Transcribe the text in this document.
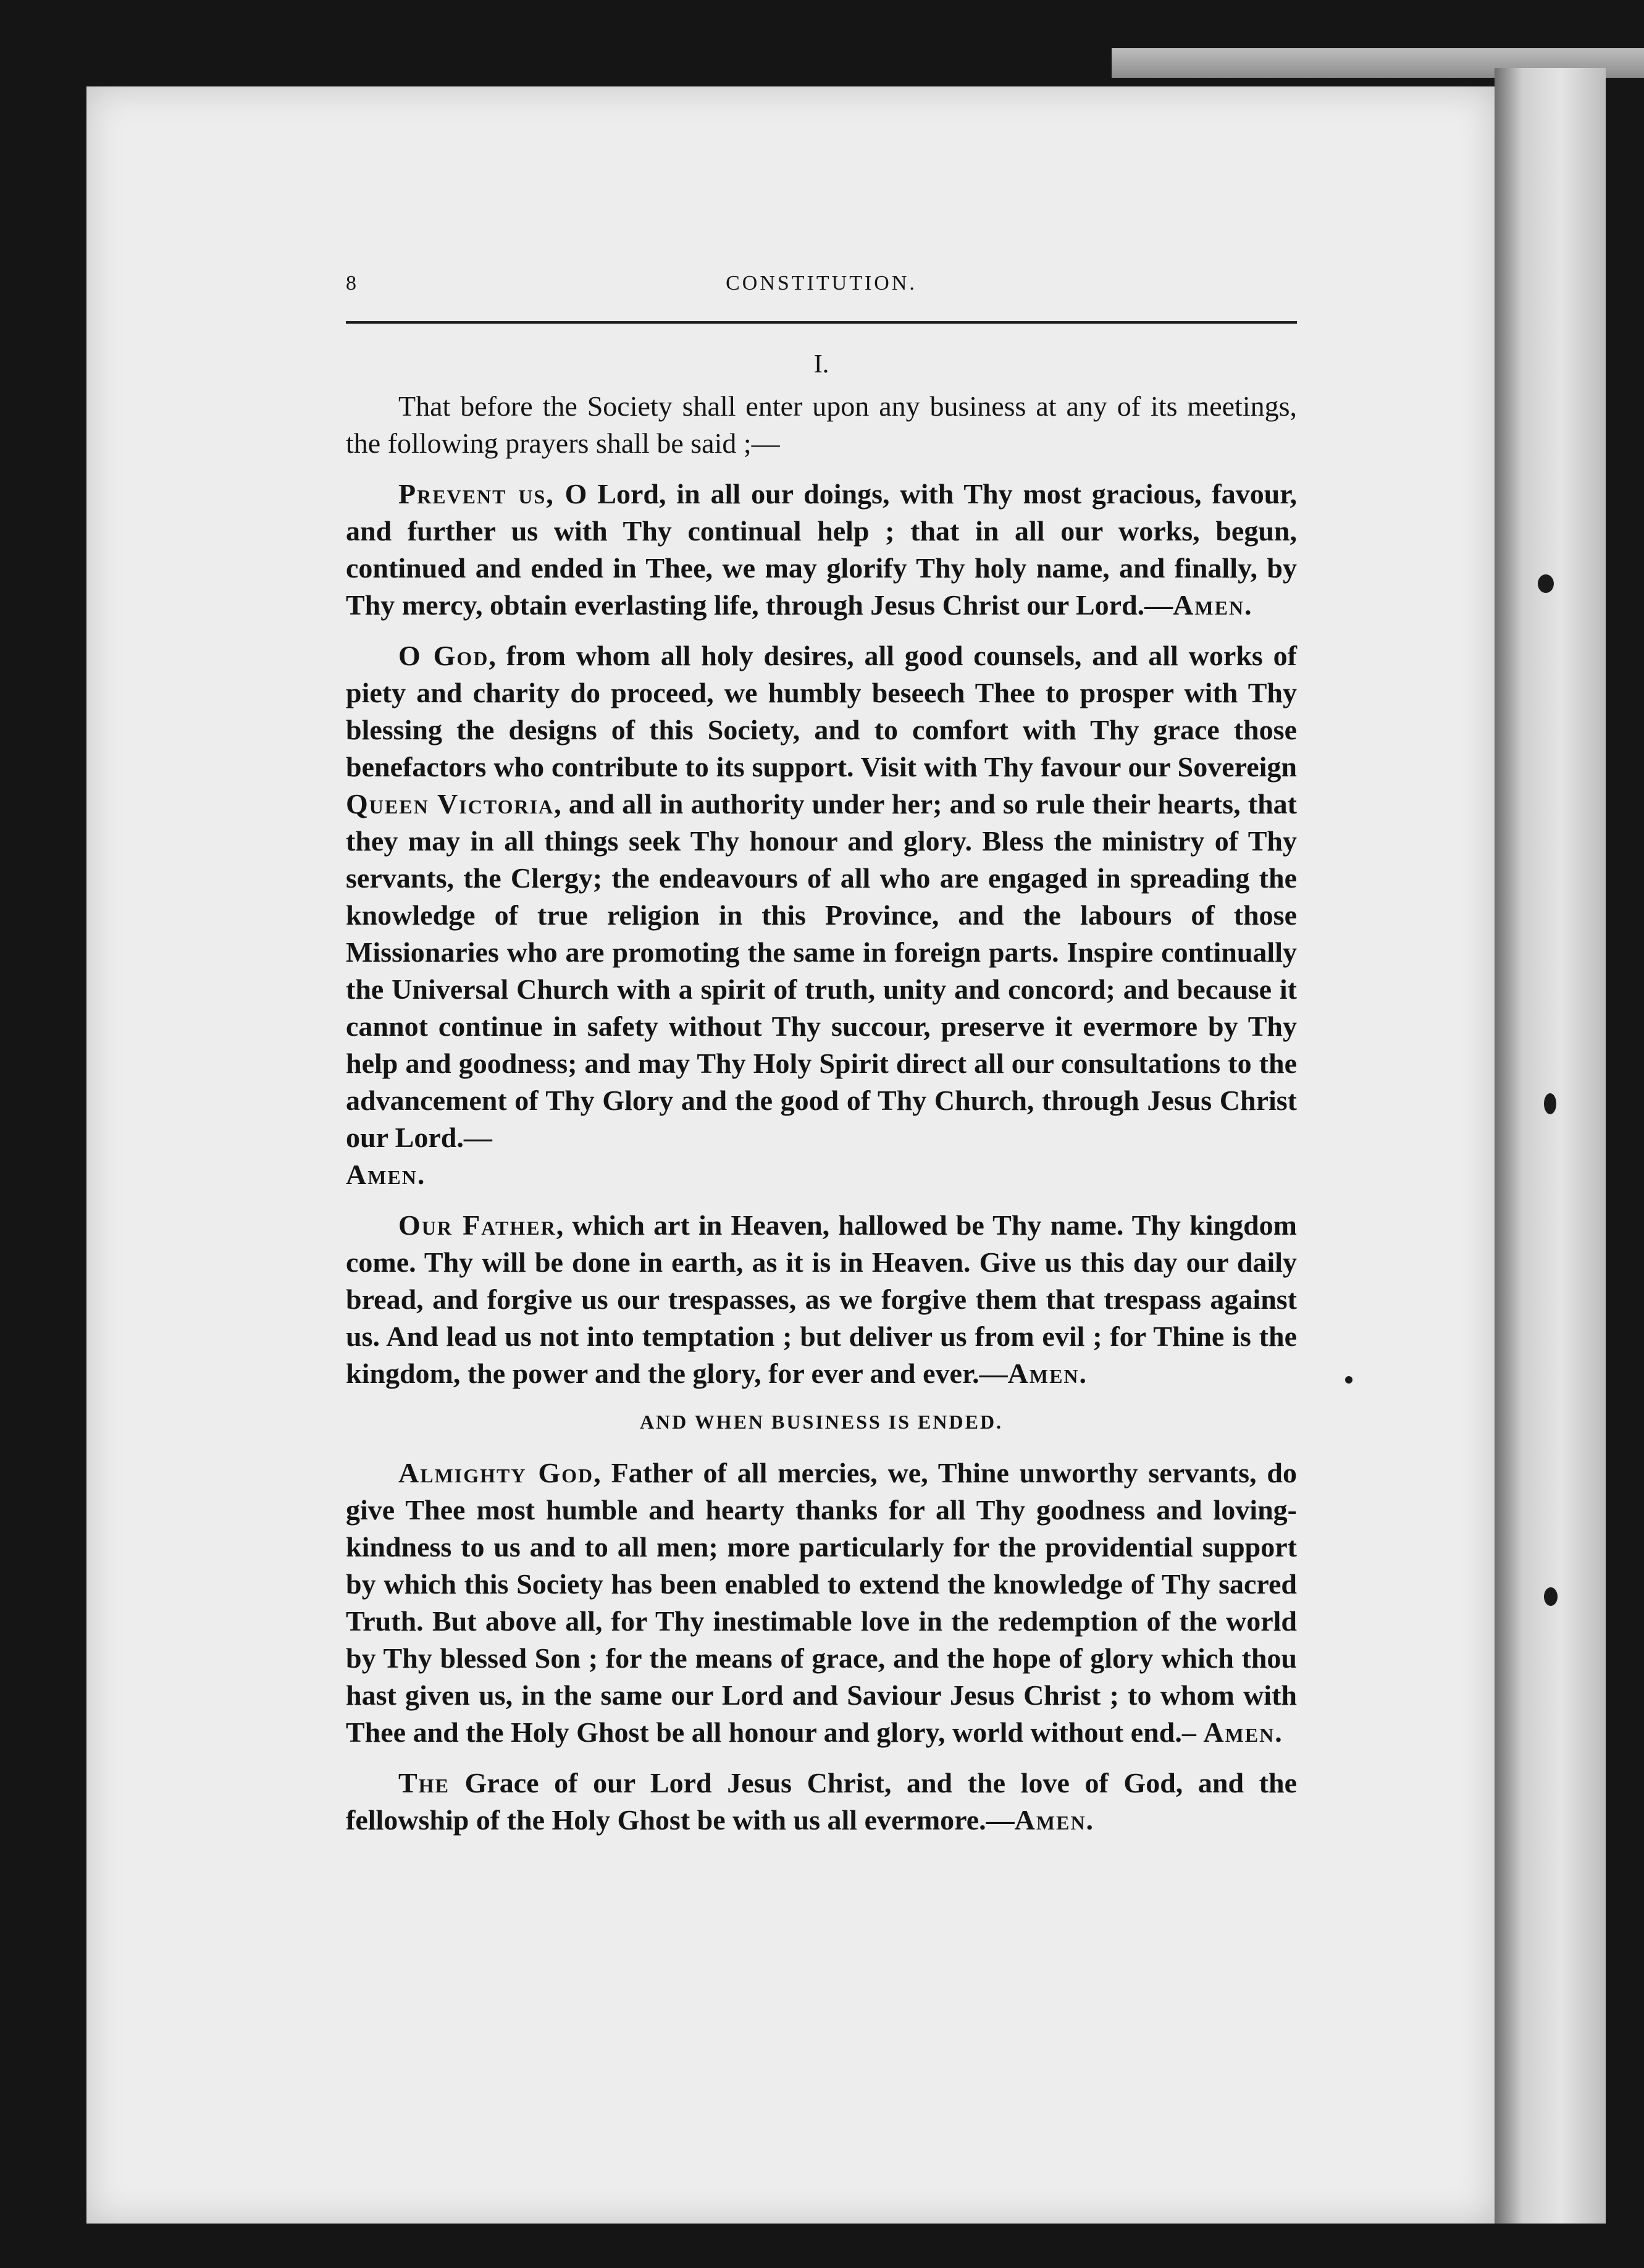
8	CONSTITUTION.
I.

That before the Society shall enter upon any business at any of its meetings, the following prayers shall be said ;—

Prevent us, O Lord, in all our doings, with Thy most gracious, favour, and further us with Thy continual help ; that in all our works, begun, continued and ended in Thee, we may glorify Thy holy name, and finally, by Thy mercy, obtain everlasting life, through Jesus Christ our Lord.—Amen.

O God, from whom all holy desires, all good counsels, and all works of piety and charity do proceed, we humbly beseech Thee to prosper with Thy blessing the designs of this Society, and to comfort with Thy grace those benefactors who contribute to its support. Visit with Thy favour our Sovereign Queen Victoria, and all in authority under her; and so rule their hearts, that they may in all things seek Thy honour and glory. Bless the ministry of Thy servants, the Clergy; the endeavours of all who are engaged in spreading the knowledge of true religion in this Province, and the labours of those Missionaries who are promoting the same in foreign parts. Inspire continually the Universal Church with a spirit of truth, unity and concord; and because it cannot continue in safety without Thy succour, preserve it evermore by Thy help and goodness; and may Thy Holy Spirit direct all our consultations to the advancement of Thy Glory and the good of Thy Church, through Jesus Christ our Lord.—
Amen.

Our Father, which art in Heaven, hallowed be Thy name. Thy kingdom come. Thy will be done in earth, as it is in Heaven. Give us this day our daily bread, and forgive us our trespasses, as we forgive them that trespass against us. And lead us not into temptation ; but deliver us from evil ; for Thine is the kingdom, the power and the glory, for ever and ever.—Amen.

AND WHEN BUSINESS IS ENDED.

Almighty God, Father of all mercies, we, Thine unworthy servants, do give Thee most humble and hearty thanks for all Thy goodness and loving-kindness to us and to all men; more particularly for the providential support by which this Society has been enabled to extend the knowledge of Thy sacred Truth. But above all, for Thy inestimable love in the redemption of the world by Thy blessed Son ; for the means of grace, and the hope of glory which thou hast given us, in the same our Lord and Saviour Jesus Christ ; to whom with Thee and the Holy Ghost be all honour and glory, world without end.– Amen.

The Grace of our Lord Jesus Christ, and the love of God, and the fellowship of the Holy Ghost be with us all evermore.—Amen.
